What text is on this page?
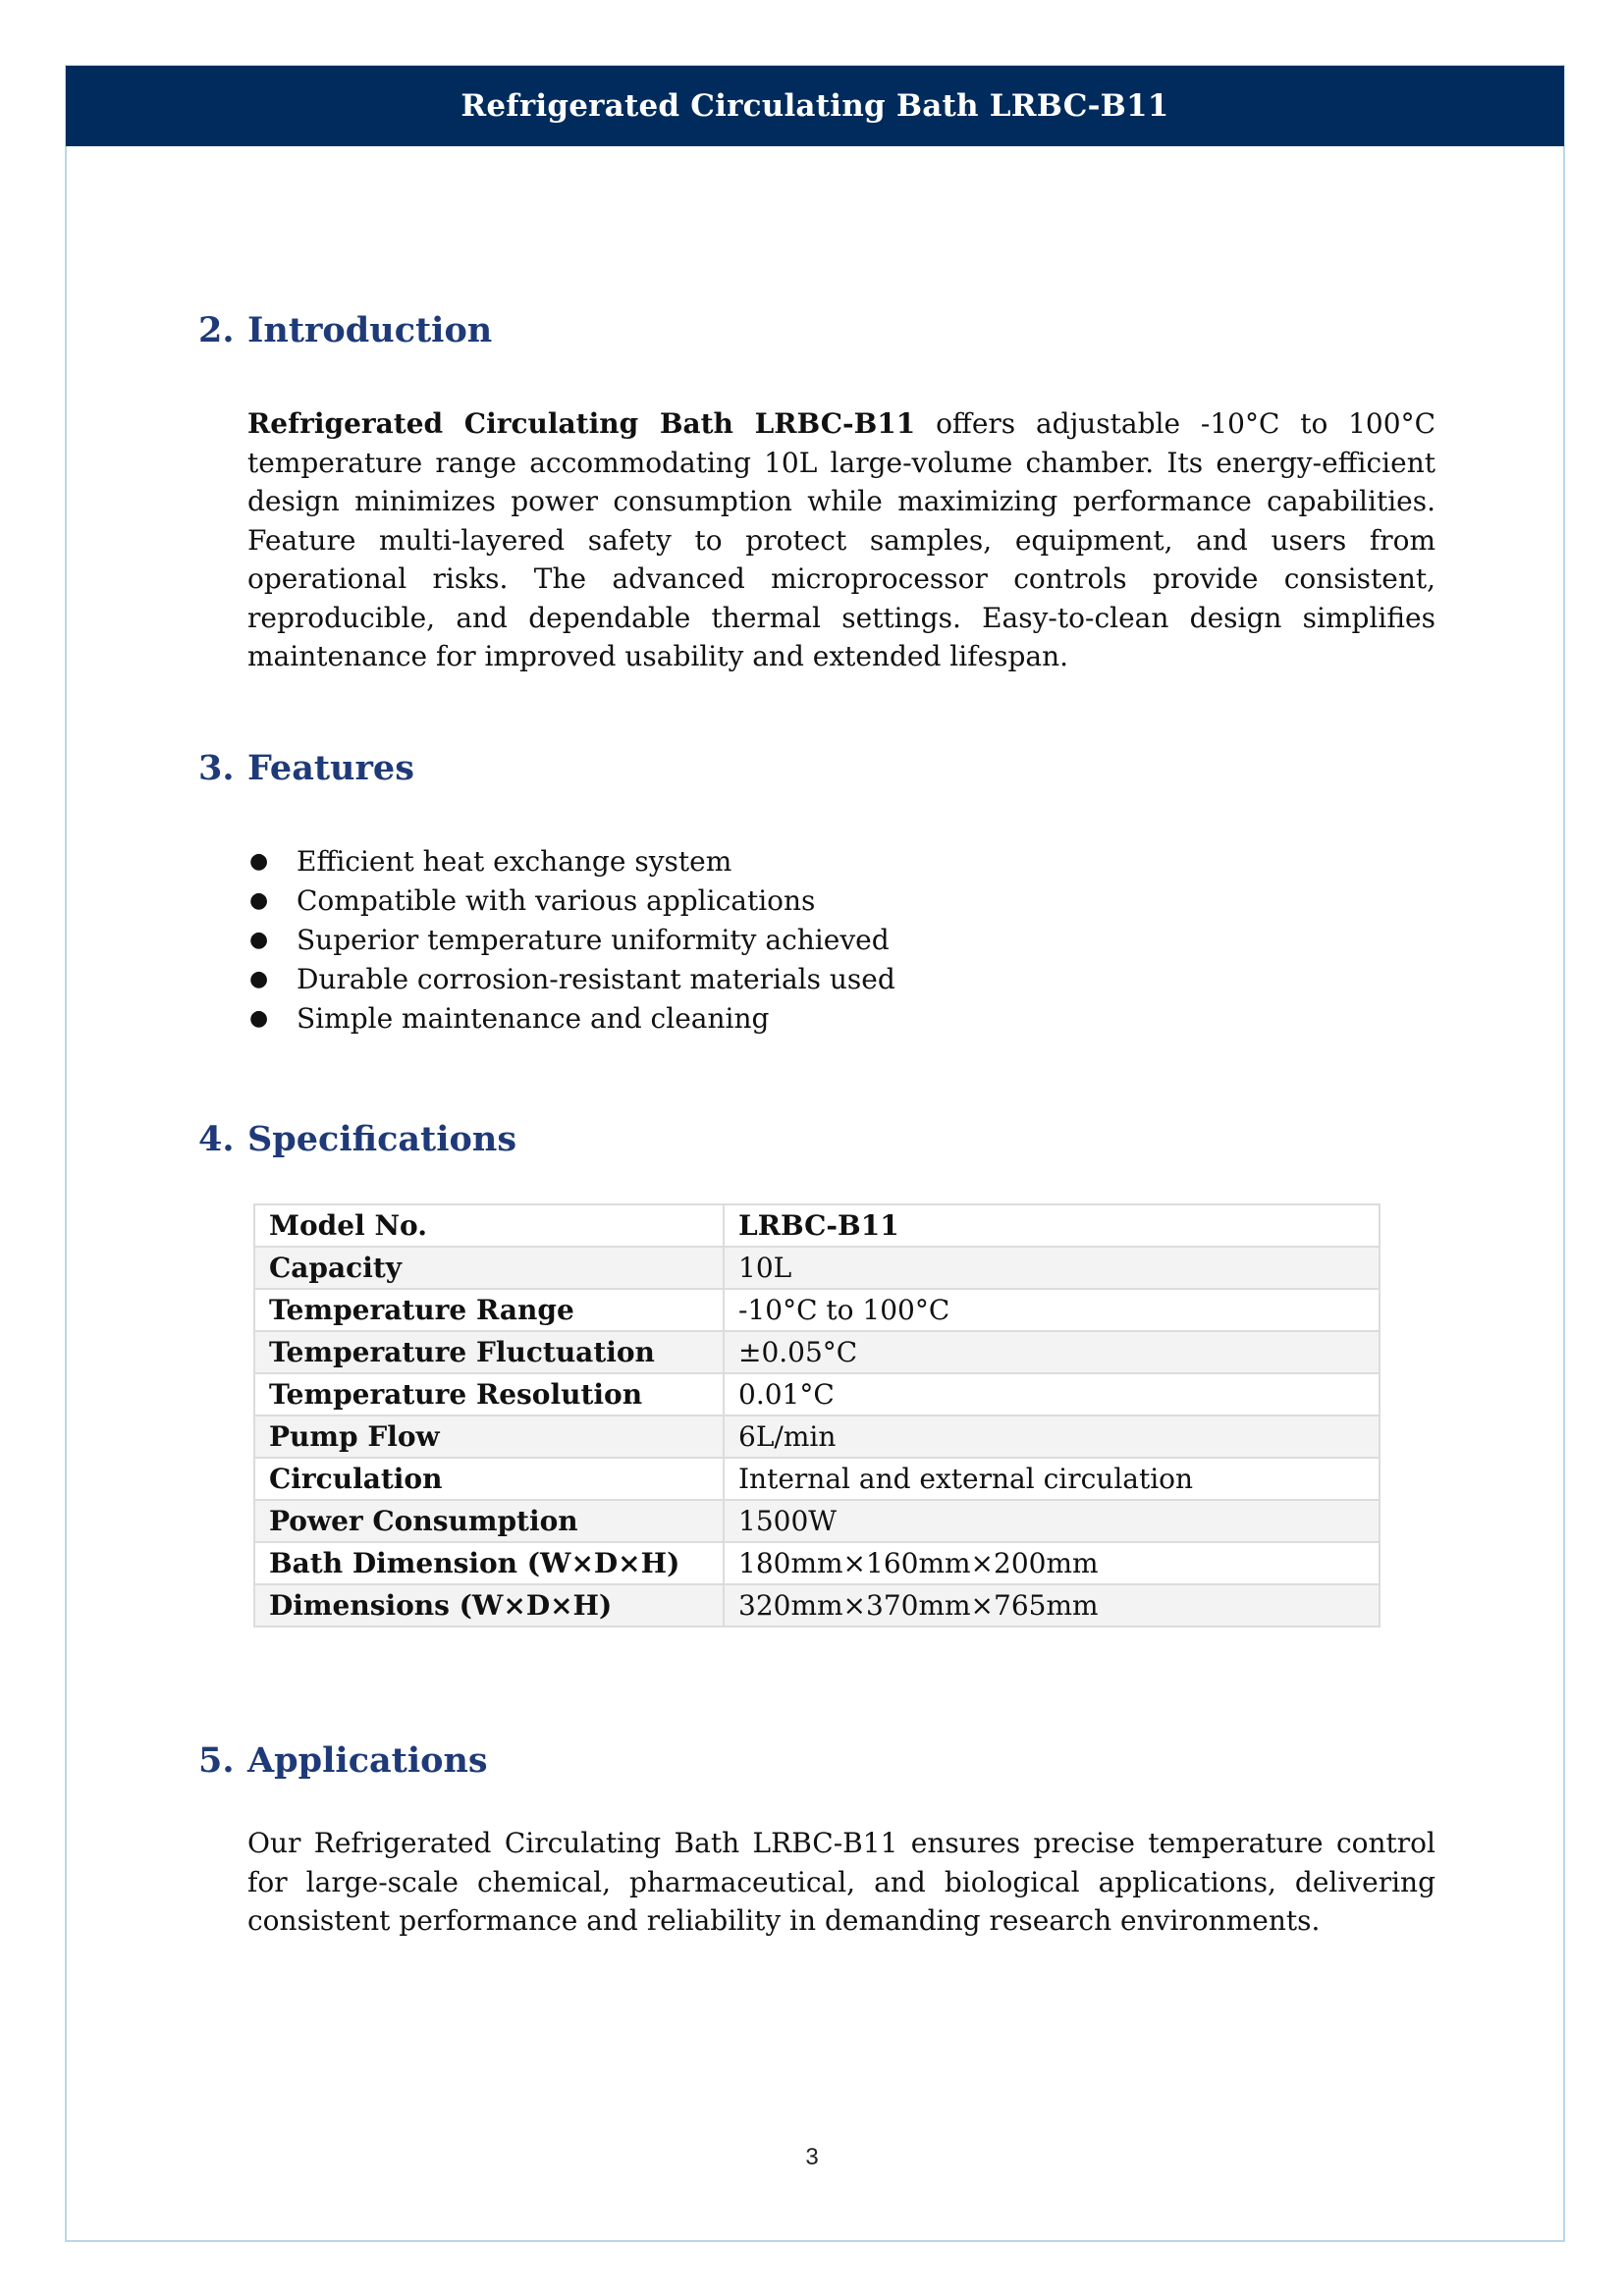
Refrigerated Circulating Bath LRBC-B11
2. Introduction

Refrigerated Circulating Bath LRBC-B11 offers adjustable -10°C to 100°C temperature range accommodating 10L large-volume chamber. Its energy-efficient design minimizes power consumption while maximizing performance capabilities. Feature multi-layered safety to protect samples, equipment, and users from operational risks. The advanced microprocessor controls provide consistent, reproducible, and dependable thermal settings. Easy-to-clean design simplifies maintenance for improved usability and extended lifespan.

3. Features
● Efficient heat exchange system
● Compatible with various applications
● Superior temperature uniformity achieved
● Durable corrosion-resistant materials used
● Simple maintenance and cleaning
4. Specifications
Model No.	LRBC-B11
Capacity	10L
Temperature Range	-10°C to 100°C
Temperature Fluctuation	±0.05°C
Temperature Resolution	0.01°C
Pump Flow	6L/min
Circulation	Internal and external circulation
Power Consumption	1500W
Bath Dimension (W×D×H)	180mm×160mm×200mm
Dimensions (W×D×H)	320mm×370mm×765mm
5. Applications

Our Refrigerated Circulating Bath LRBC-B11 ensures precise temperature control for large-scale chemical, pharmaceutical, and biological applications, delivering consistent performance and reliability in demanding research environments.

3
